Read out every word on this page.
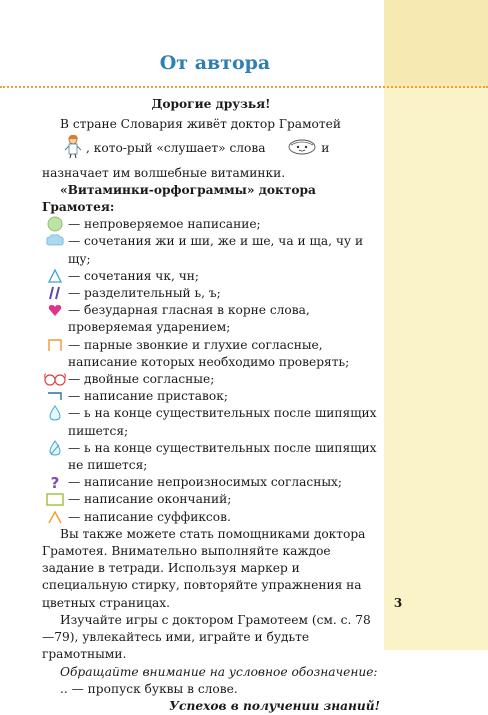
От автора

Дорогие друзья!

В стране Словария живёт доктор Грамотей , кото-рый «слушает» слова	и назначает им волшебные витаминки.

«Витаминки-орфограммы» доктора Грамотея:

— непроверяемое написание;
— сочетания жи и ши, же и ше, ча и ща, чу и щу;
— сочетания чк, чн;
— разделительный ь, ъ;
— безударная гласная в корне слова, проверяемая ударением;
— парные звонкие и глухие согласные, написание которых необходимо проверять;
— двойные согласные;
— написание приставок;
— ь на конце существительных после шипящих пишется;
— ь на конце существительных после шипящих не пишется;
? — написание непроизносимых согласных;
— написание окончаний;
— написание суффиксов.

Вы также можете стать помощниками доктора Грамотея. Внимательно выполняйте каждое задание в тетради. Используя маркер и специальную стирку, повторяйте упражнения на цветных страницах.

Изучайте игры с доктором Грамотеем (см. с. 78—79), увлекайтесь ими, играйте и будьте грамотными.

Обращайте внимание на условное обозначение:

.. — пропуск буквы в слове.

Успехов в получении знаний!

3
